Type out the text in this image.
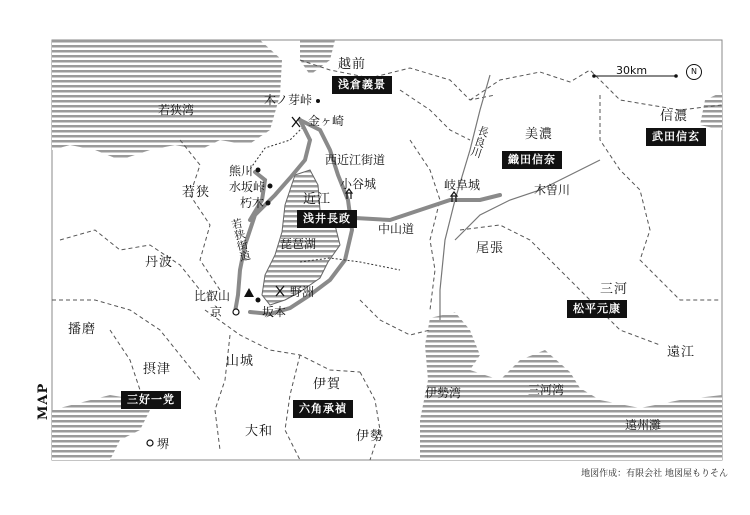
30km	N
越前
若狭	近江
美濃
信濃
丹波
播磨
摂津
山城
伊賀
大和	伊勢
尾張
三河
遠江
浅倉義景
武田信玄
織田信奈
浅井長政
松平元康
三好一党
六角承禎
若狭湾
琵琶湖
伊勢湾	三河湾
遠州灘
木曽川
長良川
木ノ芽峠
金ヶ崎
西近江街道
熊川
水坂峠
朽木
小谷城	岐阜城
中山道
若狭街道
野洲
比叡山
京	坂本
堺
MAP
地図作成：有限会社 地図屋もりそん
